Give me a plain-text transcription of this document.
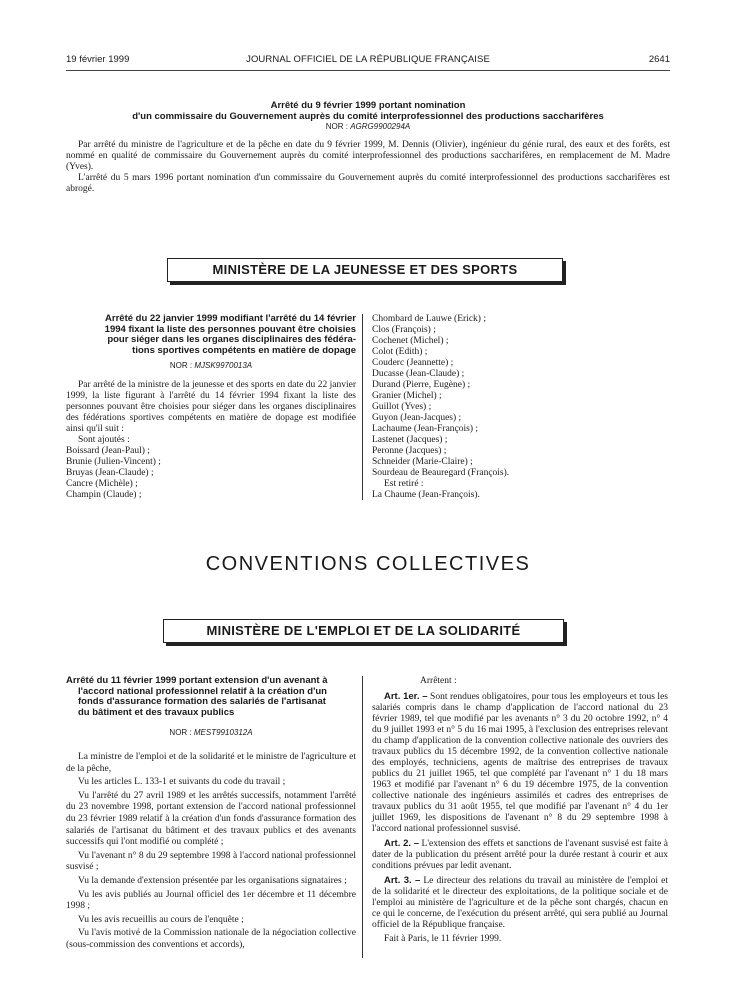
19 février 1999	JOURNAL OFFICIEL DE LA RÉPUBLIQUE FRANÇAISE	2641
Arrêté du 9 février 1999 portant nomination
d'un commissaire du Gouvernement auprès du comité interprofessionnel des productions saccharifères
NOR : AGRG9900294A

Par arrêté du ministre de l'agriculture et de la pêche en date du 9 février 1999, M. Dennis (Olivier), ingénieur du génie rural, des eaux et des forêts, est nommé en qualité de commissaire du Gouvernement auprès du comité interprofessionnel des productions saccharifères, en remplacement de M. Madre (Yves).

L'arrêté du 5 mars 1996 portant nomination d'un commissaire du Gouvernement auprès du comité interprofessionnel des productions saccharifères est abrogé.

MINISTÈRE DE LA JEUNESSE ET DES SPORTS
Arrêté du 22 janvier 1999 modifiant l'arrêté du 14 février
1994 fixant la liste des personnes pouvant être choisies
pour siéger dans les organes disciplinaires des fédéra-
tions sportives compétents en matière de dopage
NOR : MJSK9970013A

Par arrêté de la ministre de la jeunesse et des sports en date du 22 janvier 1999, la liste figurant à l'arrêté du 14 février 1994 fixant la liste des personnes pouvant être choisies pour siéger dans les organes disciplinaires des fédérations sportives compétents en matière de dopage est modifiée ainsi qu'il suit :

Sont ajoutés :

Boissard (Jean-Paul) ;
Brunie (Julien-Vincent) ;
Bruyas (Jean-Claude) ;
Cancre (Michèle) ;
Champin (Claude) ;
Chombard de Lauwe (Erick) ;
Clos (François) ;
Cochenet (Michel) ;
Colot (Edith) ;
Couderc (Jeannette) ;
Ducasse (Jean-Claude) ;
Durand (Pierre, Eugène) ;
Granier (Michel) ;
Guillot (Yves) ;
Guyon (Jean-Jacques) ;
Lachaume (Jean-François) ;
Lastenet (Jacques) ;
Peronne (Jacques) ;
Schneider (Marie-Claire) ;
Sourdeau de Beauregard (François).

Est retiré :

La Chaume (Jean-François).

CONVENTIONS COLLECTIVES
MINISTÈRE DE L'EMPLOI ET DE LA SOLIDARITÉ
Arrêté du 11 février 1999 portant extension d'un avenant à
l'accord national professionnel relatif à la création d'un
fonds d'assurance formation des salariés de l'artisanat
du bâtiment et des travaux publics
NOR : MEST9910312A

La ministre de l'emploi et de la solidarité et le ministre de l'agriculture et de la pêche,

Vu les articles L. 133-1 et suivants du code du travail ;

Vu l'arrêté du 27 avril 1989 et les arrêtés successifs, notamment l'arrêté du 23 novembre 1998, portant extension de l'accord national professionnel du 23 février 1989 relatif à la création d'un fonds d'assurance formation des salariés de l'artisanat du bâtiment et des travaux publics et des avenants successifs qui l'ont modifié ou complété ;

Vu l'avenant n° 8 du 29 septembre 1998 à l'accord national professionnel susvisé ;

Vu la demande d'extension présentée par les organisations signataires ;

Vu les avis publiés au Journal officiel des 1er décembre et 11 décembre 1998 ;

Vu les avis recueillis au cours de l'enquête ;

Vu l'avis motivé de la Commission nationale de la négociation collective (sous-commission des conventions et accords),

Arrêtent :

Art. 1er. – Sont rendues obligatoires, pour tous les employeurs et tous les salariés compris dans le champ d'application de l'accord national du 23 février 1989, tel que modifié par les avenants n° 3 du 20 octobre 1992, n° 4 du 9 juillet 1993 et n° 5 du 16 mai 1995, à l'exclusion des entreprises relevant du champ d'application de la convention collective nationale des ouvriers des travaux publics du 15 décembre 1992, de la convention collective nationale des employés, techniciens, agents de maîtrise des entreprises de travaux publics du 21 juillet 1965, tel que complété par l'avenant n° 1 du 18 mars 1963 et modifié par l'avenant n° 6 du 19 décembre 1975, de la convention collective nationale des ingénieurs assimilés et cadres des entreprises de travaux publics du 31 août 1955, tel que modifié par l'avenant n° 4 du 1er juillet 1969, les dispositions de l'avenant n° 8 du 29 septembre 1998 à l'accord national professionnel susvisé.

Art. 2. – L'extension des effets et sanctions de l'avenant susvisé est faite à dater de la publication du présent arrêté pour la durée restant à courir et aux conditions prévues par ledit avenant.

Art. 3. – Le directeur des relations du travail au ministère de l'emploi et de la solidarité et le directeur des exploitations, de la politique sociale et de l'emploi au ministère de l'agriculture et de la pêche sont chargés, chacun en ce qui le concerne, de l'exécution du présent arrêté, qui sera publié au Journal officiel de la République française.

Fait à Paris, le 11 février 1999.
